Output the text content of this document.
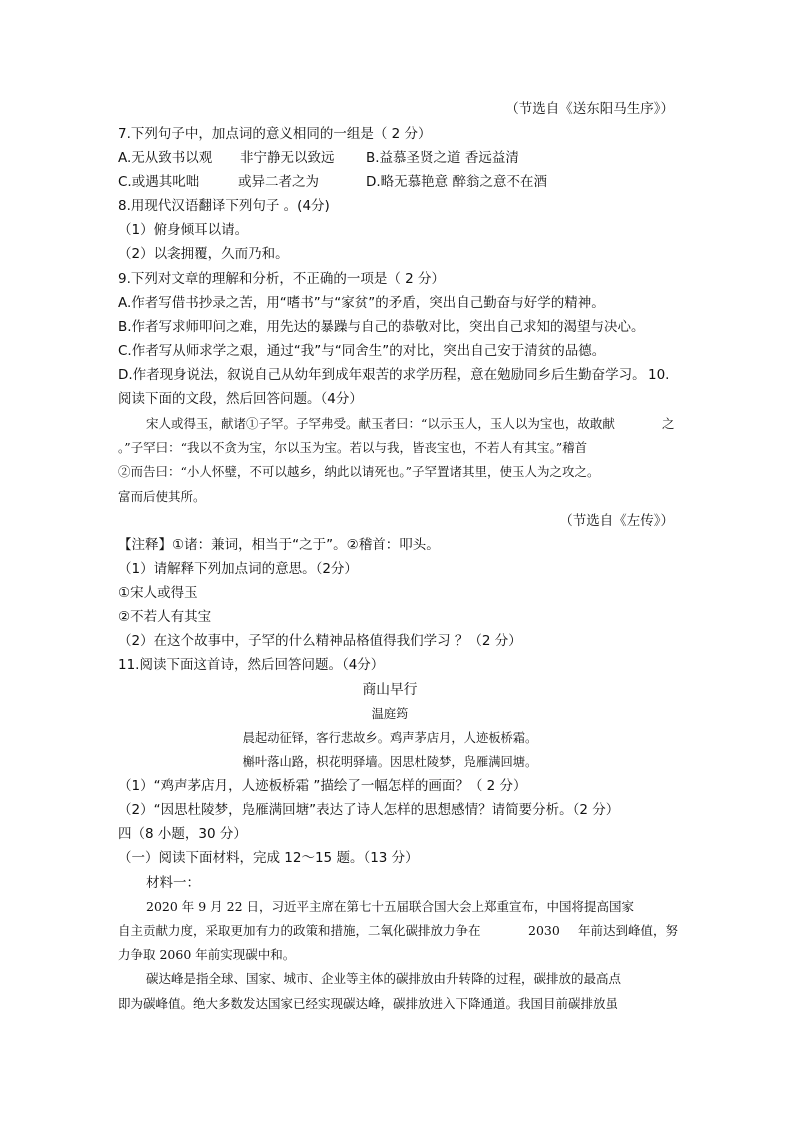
（节选自《送东阳马生序》）
7.下列句子中，加点词的意义相同的一组是（ 2 分）
A.无从致书以观 非宁静无以致远 B.益慕圣贤之道 香远益清
C.或遇其叱咄	或异二者之为	D.略无慕艳意 醉翁之意不在酒
8.用现代汉语翻译下列句子 。(4分)
（1）俯身倾耳以请。
（2）以衾拥覆，久而乃和。
9.下列对文章的理解和分析，不正确的一项是（ 2 分）
A.作者写借书抄录之苦，用“嗜书”与“家贫”的矛盾，突出自己勤奋与好学的精神。
B.作者写求师叩问之难，用先达的暴躁与自己的恭敬对比，突出自己求知的渴望与决心。
C.作者写从师求学之艰，通过“我”与“同舍生”的对比，突出自己安于清贫的品德。
D.作者现身说法，叙说自己从幼年到成年艰苦的求学历程，意在勉励同乡后生勤奋学习。 10.
阅读下面的文段，然后回答问题。（4分）
宋人或得玉，献诸①子罕。子罕弗受。献玉者曰：“以示玉人，玉人以为宝也，故敢献	之
。”子罕曰：“我以不贪为宝，尔以玉为宝。若以与我，皆丧宝也，不若人有其宝。”稽首
②而告曰：“小人怀璧，不可以越乡，纳此以请死也。”子罕置诸其里，使玉人为之攻之。
富而后使其所。
（节选自《左传》）
【注释】①诸：兼词，相当于“之于”。②稽首：叩头。
（1）请解释下列加点词的意思。（2分）
①宋人或得玉
②不若人有其宝
（2）在这个故事中，子罕的什么精神品格值得我们学习 ？（2 分）
11.阅读下面这首诗，然后回答问题。（4分）
商山早行
温庭筠
晨起动征铎，客行悲故乡。鸡声茅店月，人迹板桥霜。
槲叶落山路，枳花明驿墙。因思杜陵梦，凫雁满回塘。
（1）“鸡声茅店月，人迹板桥霜 ”描绘了一幅怎样的画面？（ 2 分）
（2）“因思杜陵梦，凫雁满回塘”表达了诗人怎样的思想感情？请简要分析。（2 分）
四（8 小题，30 分）
（一）阅读下面材料，完成 12～15 题。（13 分）
材料一：
2020 年 9 月 22 日，习近平主席在第七十五届联合国大会上郑重宣布，中国将提高国家
自主贡献力度，采取更加有力的政策和措施，二氧化碳排放力争在	2030 年前达到峰值，努
力争取 2060 年前实现碳中和。
碳达峰是指全球、国家、城市、企业等主体的碳排放由升转降的过程，碳排放的最高点
即为碳峰值。绝大多数发达国家已经实现碳达峰，碳排放进入下降通道。我国目前碳排放虽
